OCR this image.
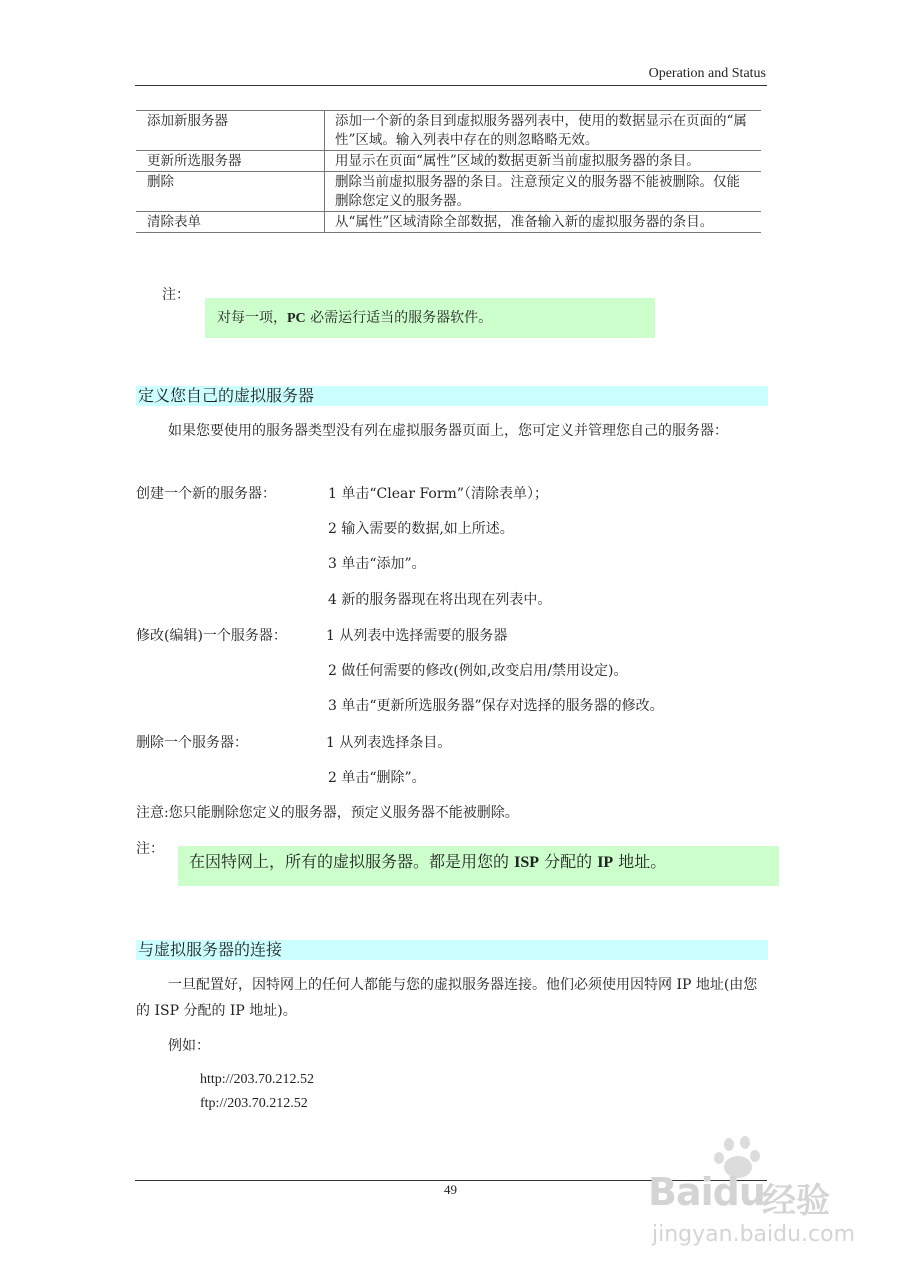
Operation and Status
添加新服务器	添加一个新的条目到虚拟服务器列表中，使用的数据显示在页面的“属性”区域。输入列表中存在的则忽略略无效。
更新所选服务器	用显示在页面“属性”区域的数据更新当前虚拟服务器的条目。
删除	删除当前虚拟服务器的条目。注意预定义的服务器不能被删除。仅能删除您定义的服务器。
清除表单	从“属性”区域清除全部数据，准备输入新的虚拟服务器的条目。
注：
对每一项，PC 必需运行适当的服务器软件。
定义您自己的虚拟服务器
如果您要使用的服务器类型没有列在虚拟服务器页面上，您可定义并管理您自己的服务器：
创建一个新的服务器：	1 单击“Clear Form”（清除表单）；
2 输入需要的数据,如上所述。
3 单击“添加”。
4 新的服务器现在将出现在列表中。
修改(编辑)一个服务器：	1 从列表中选择需要的服务器
2 做任何需要的修改(例如,改变启用/禁用设定)。
3 单击“更新所选服务器”保存对选择的服务器的修改。
删除一个服务器：	1 从列表选择条目。
2 单击“删除”。
注意:您只能删除您定义的服务器，预定义服务器不能被删除。
注：
在因特网上，所有的虚拟服务器。都是用您的 ISP 分配的 IP 地址。
与虚拟服务器的连接
一旦配置好，因特网上的任何人都能与您的虚拟服务器连接。他们必须使用因特网 IP 地址(由您的 ISP 分配的 IP 地址)。
例如：
http://203.70.212.52
ftp://203.70.212.52
49	Baidu
经验
jingyan.baidu.com
